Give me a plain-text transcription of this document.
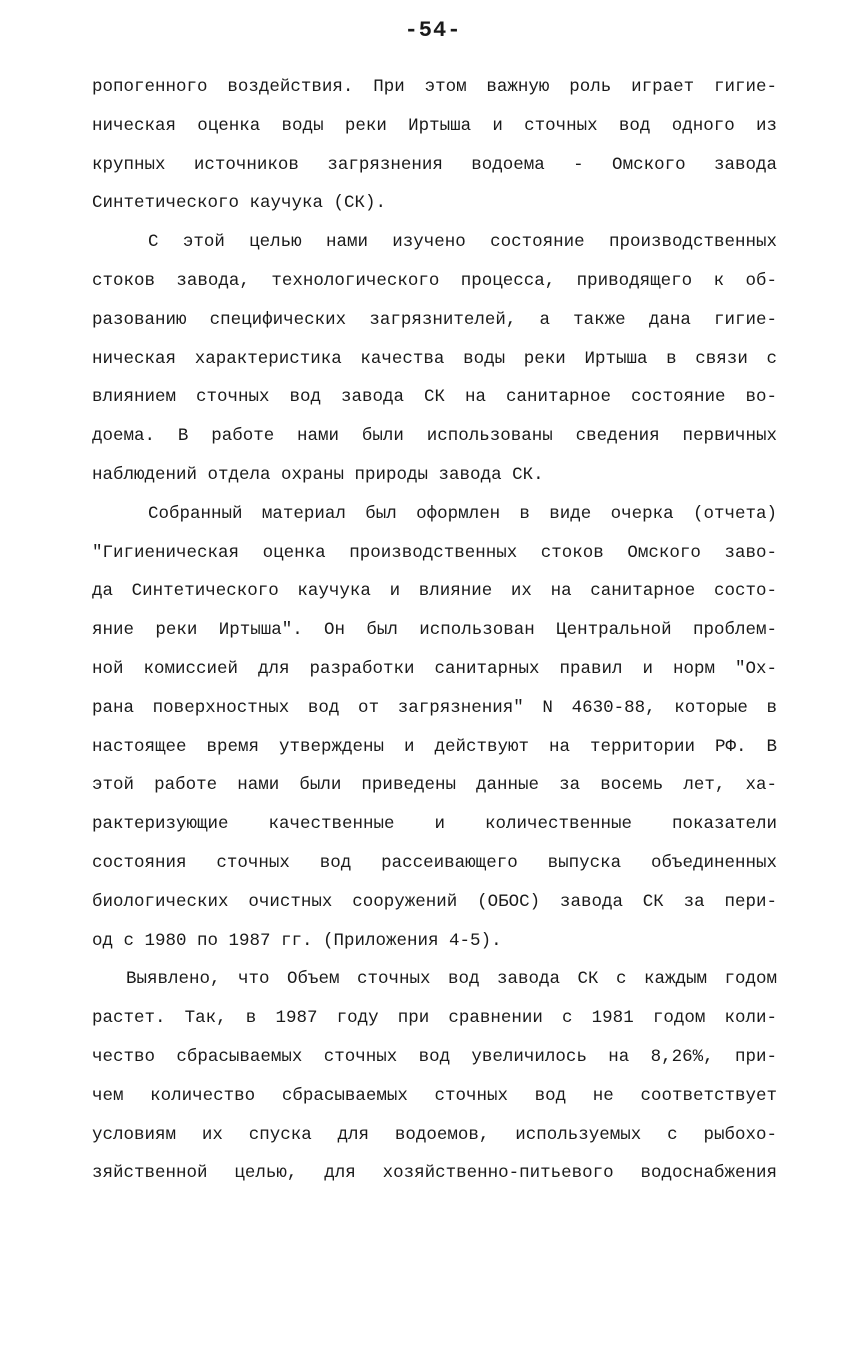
-54-
ропогенного воздействия. При этом важную роль играет гигие-
ническая оценка воды реки Иртыша и сточных вод одного из
крупных источников загрязнения водоема - Омского завода
Синтетического каучука (СК).
С этой целью нами изучено состояние производственных
стоков завода, технологического процесса, приводящего к об-
разованию специфических загрязнителей, а также дана гигие-
ническая характеристика качества воды реки Иртыша в связи с
влиянием сточных вод завода СК на санитарное состояние во-
доема. В работе нами были использованы сведения первичных
наблюдений отдела охраны природы завода СК.
Собранный материал был оформлен в виде очерка (отчета)
"Гигиеническая оценка производственных стоков Омского заво-
да Синтетического каучука и влияние их на санитарное состо-
яние реки Иртыша". Он был использован Центральной проблем-
ной комиссией для разработки санитарных правил и норм "Ох-
рана поверхностных вод от загрязнения" N 4630-88, которые в
настоящее время утверждены и действуют на территории РФ. В
этой работе нами были приведены данные за восемь лет, ха-
рактеризующие качественные и количественные показатели
состояния сточных вод рассеивающего выпуска объединенных
биологических очистных сооружений (ОБОС) завода СК за пери-
од с 1980 по 1987 гг. (Приложения 4-5).
Выявлено, что Объем сточных вод завода СК с каждым годом
растет. Так, в 1987 году при сравнении с 1981 годом коли-
чество сбрасываемых сточных вод увеличилось на 8,26%, при-
чем количество сбрасываемых сточных вод не соответствует
условиям их спуска для водоемов, используемых с рыбохо-
зяйственной целью, для хозяйственно-питьевого водоснабжения
